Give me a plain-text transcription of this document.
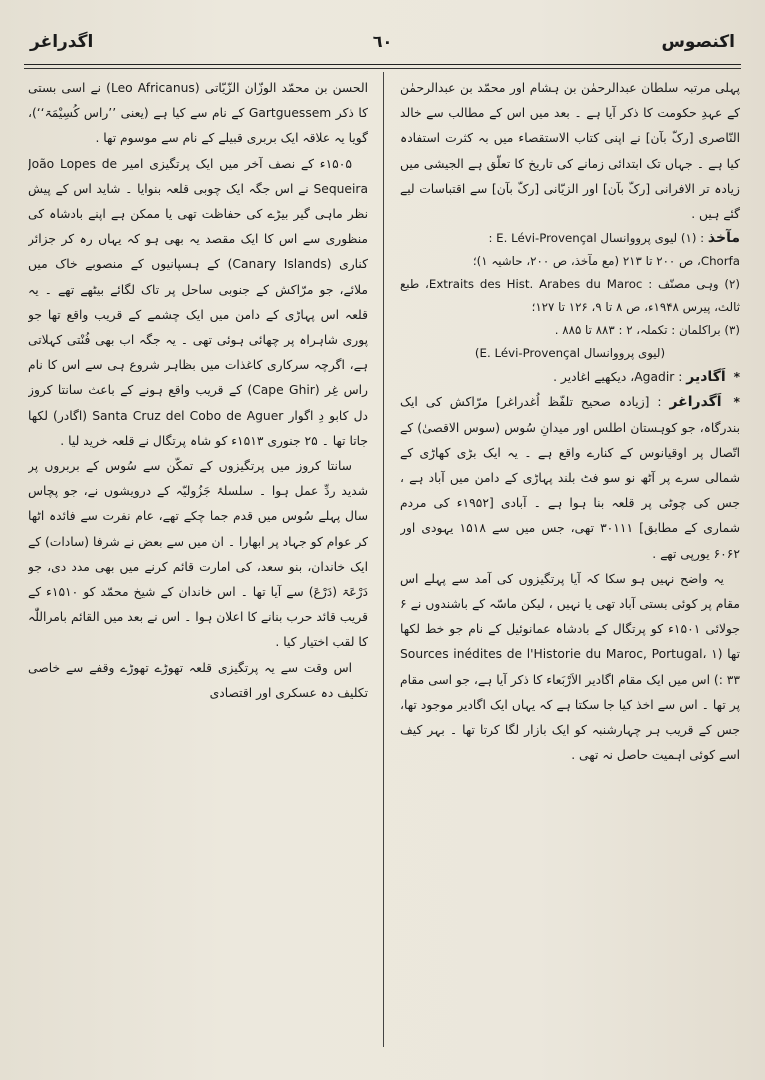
اکنصوس
٦٠
اگدراغر

پہلی مرتبہ سلطان عبدالرحمٰن بن ہشام اور محمّد بن عبدالرحمٰن کے عہدِ حکومت کا ذکر آیا ہے ۔ بعد میں اس کے مطالب سے خالد النّاصری [رکّ بآن] نے اپنی کتاب الاستقصاء میں بہ کثرت استفادہ کیا ہے ۔ جہاں تک ابتدائی زمانے کی تاریخ کا تعلّق ہے الجیشی میں زیادہ تر الافرانی [رکّ بآن] اور الزیّانی [رکّ بآن] سے اقتباسات لیے گئے ہیں .

مآخذ : (۱) لیوی پرووانسال E. Lévi-Provençal :

Chorfa، ص ۲۰۰ تا ۲۱۳ (مع مآخذ، ص ۲۰۰، حاشیہ ۱)؛

(۲) وہی مصنّف : Extraits des Hist. Arabes du Maroc، طبع ثالث، پیرس ۱۹۴۸ء، ص ۸ تا ۹، ۱۲۶ تا ۱۲۷؛

(۳) براکلمان : تکملہ، ۲ : ۸۸۳ تا ۸۸۵ .

(لیوی پرووانسال E. Lévi-Provençal)

* اَگادیر : Agadir، دیکھیے اغادیر .

* اَگدراغر : [زیادہ صحیح تلفّظ اُغدراغر] مرّاکش کی ایک بندرگاہ، جو کوہستان اطلس اور میدانِ سُوس (سوس الاقصیٰ) کے اتّصال پر اوقیانوس کے کنارے واقع ہے ۔ یہ ایک بڑی کھاڑی کے شمالی سرے پر آٹھ نو سو فٹ بلند پہاڑی کے دامن میں آباد ہے ، جس کی چوٹی پر قلعہ بنا ہوا ہے ۔ آبادی [۱۹۵۲ء کی مردم شماری کے مطابق] ۳۰۱۱۱ تھی، جس میں سے ۱۵۱۸ یہودی اور ۶۰۶۲ یورپی تھے .

یہ واضح نہیں ہو سکا کہ آیا پرتگیزوں کی آمد سے پہلے اس مقام پر کوئی بستی آباد تھی یا نہیں ، لیکن ماسّہ کے باشندوں نے ۶ جولائی ۱۵۰۱ء کو پرتگال کے بادشاہ عمانوئیل کے نام جو خط لکھا تھا (Sources inédites de l'Historie du Maroc, Portugal، ۱ : ۳۳) اس میں ایک مقام اگادیر الاَرْبَعاء کا ذکر آیا ہے، جو اسی مقام پر تھا ۔ اس سے اخذ کیا جا سکتا ہے کہ یہاں ایک اگادیر موجود تھا، جس کے قریب ہر چہارشنبہ کو ایک بازار لگا کرتا تھا ۔ بہر کیف اسے کوئی اہمیت حاصل نہ تھی .

الحسن بن محمّد الوزّان الزّیّاتی (Leo Africanus) نے اسی بستی کا ذکر Gartguessem کے نام سے کیا ہے (یعنی ’’راس کُسِیْمَۃ‘‘)، گویا یہ علاقہ ایک بربری قبیلے کے نام سے موسوم تھا .

۱۵۰۵ء کے نصف آخر میں ایک پرتگیزی امیر João Lopes de Sequeira نے اس جگہ ایک چوبی قلعہ بنوایا ۔ شاید اس کے پیش نظر ماہی گیر بیڑے کی حفاظت تھی یا ممکن ہے اپنے بادشاہ کی منظوری سے اس کا ایک مقصد یہ بھی ہو کہ یہاں رہ کر جزائر کناری (Canary Islands) کے ہسپانیوں کے منصوبے خاک میں ملائے، جو مرّاکش کے جنوبی ساحل پر تاک لگائے بیٹھے تھے ۔ یہ قلعہ اس پہاڑی کے دامن میں ایک چشمے کے قریب واقع تھا جو پوری شاہراہ پر چھائی ہوئی تھی ۔ یہ جگہ اب بھی فُنْتی کہلاتی ہے، اگرچہ سرکاری کاغذات میں بظاہر شروع ہی سے اس کا نام راس غِر (Cape Ghir) کے قریب واقع ہونے کے باعث سانتا کروز دل کابو دِ اگوار Santa Cruz del Cobo de Aguer (اگادر) لکھا جاتا تھا ۔ ۲۵ جنوری ۱۵۱۳ء کو شاہ پرتگال نے قلعہ خرید لیا .

سانتا کروز میں پرتگیزوں کے تمکّن سے سُوس کے بربروں پر شدید ردِّ عمل ہوا ۔ سلسلۂ جَزُولیّہ کے درویشوں نے، جو پچاس سال پہلے سُوس میں قدم جما چکے تھے، عام نفرت سے فائدہ اٹھا کر عوام کو جہاد پر ابھارا ۔ ان میں سے بعض نے شرفا (سادات) کے ایک خاندان، بنو سعد، کی امارت قائم کرنے میں بھی مدد دی، جو دَرْعَۃ (دَرْعَ) سے آیا تھا ۔ اس خاندان کے شیخ محمّد کو ۱۵۱۰ء کے قریب قائد حرب بنانے کا اعلان ہوا ۔ اس نے بعد میں القائم بامراللّٰہ کا لقب اختیار کیا .

اس وقت سے یہ پرتگیزی قلعہ تھوڑے تھوڑے وقفے سے خاصی تکلیف دہ عسکری اور اقتصادی
